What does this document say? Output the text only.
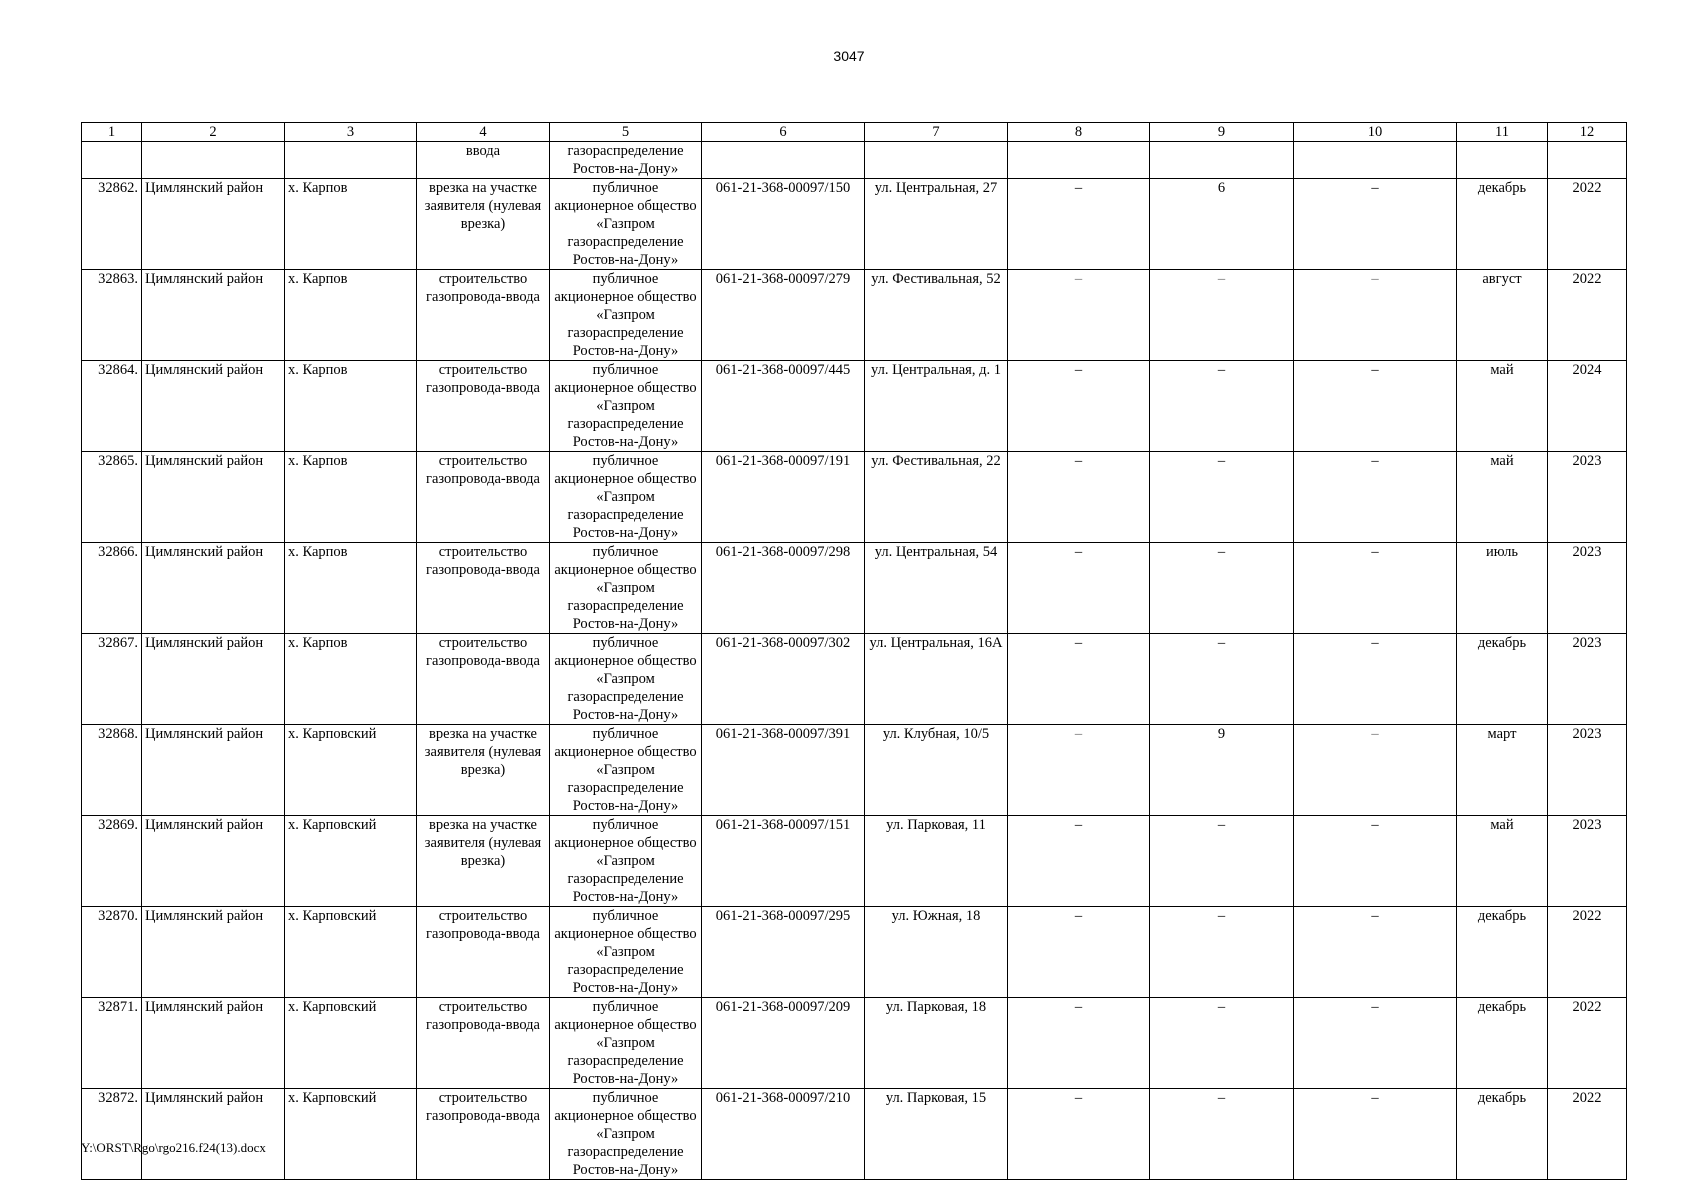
3047
1	2	3	4	5	6	7	8	9	10	11	12
			ввода	газораспределение Ростов-на-Дону»							
32862.	Цимлянский район	х. Карпов	врезка на участке заявителя (нулевая врезка)	публичное акционерное общество «Газпром газораспределение Ростов-на-Дону»	061-21-368-00097/150	ул. Центральная, 27	–	6	–	декабрь	2022
32863.	Цимлянский район	х. Карпов	строительство газопровода-ввода	публичное акционерное общество «Газпром газораспределение Ростов-на-Дону»	061-21-368-00097/279	ул. Фестивальная, 52	–	–	–	август	2022
32864.	Цимлянский район	х. Карпов	строительство газопровода-ввода	публичное акционерное общество «Газпром газораспределение Ростов-на-Дону»	061-21-368-00097/445	ул. Центральная, д. 1	–	–	–	май	2024
32865.	Цимлянский район	х. Карпов	строительство газопровода-ввода	публичное акционерное общество «Газпром газораспределение Ростов-на-Дону»	061-21-368-00097/191	ул. Фестивальная, 22	–	–	–	май	2023
32866.	Цимлянский район	х. Карпов	строительство газопровода-ввода	публичное акционерное общество «Газпром газораспределение Ростов-на-Дону»	061-21-368-00097/298	ул. Центральная, 54	–	–	–	июль	2023
32867.	Цимлянский район	х. Карпов	строительство газопровода-ввода	публичное акционерное общество «Газпром газораспределение Ростов-на-Дону»	061-21-368-00097/302	ул. Центральная, 16А	–	–	–	декабрь	2023
32868.	Цимлянский район	х. Карповский	врезка на участке заявителя (нулевая врезка)	публичное акционерное общество «Газпром газораспределение Ростов-на-Дону»	061-21-368-00097/391	ул. Клубная, 10/5	–	9	–	март	2023
32869.	Цимлянский район	х. Карповский	врезка на участке заявителя (нулевая врезка)	публичное акционерное общество «Газпром газораспределение Ростов-на-Дону»	061-21-368-00097/151	ул. Парковая, 11	–	–	–	май	2023
32870.	Цимлянский район	х. Карповский	строительство газопровода-ввода	публичное акционерное общество «Газпром газораспределение Ростов-на-Дону»	061-21-368-00097/295	ул. Южная, 18	–	–	–	декабрь	2022
32871.	Цимлянский район	х. Карповский	строительство газопровода-ввода	публичное акционерное общество «Газпром газораспределение Ростов-на-Дону»	061-21-368-00097/209	ул. Парковая, 18	–	–	–	декабрь	2022
32872.	Цимлянский район	х. Карповский	строительство газопровода-ввода	публичное акционерное общество «Газпром газораспределение Ростов-на-Дону»	061-21-368-00097/210	ул. Парковая, 15	–	–	–	декабрь	2022
Y:\ORST\Rgo\rgo216.f24(13).docx
